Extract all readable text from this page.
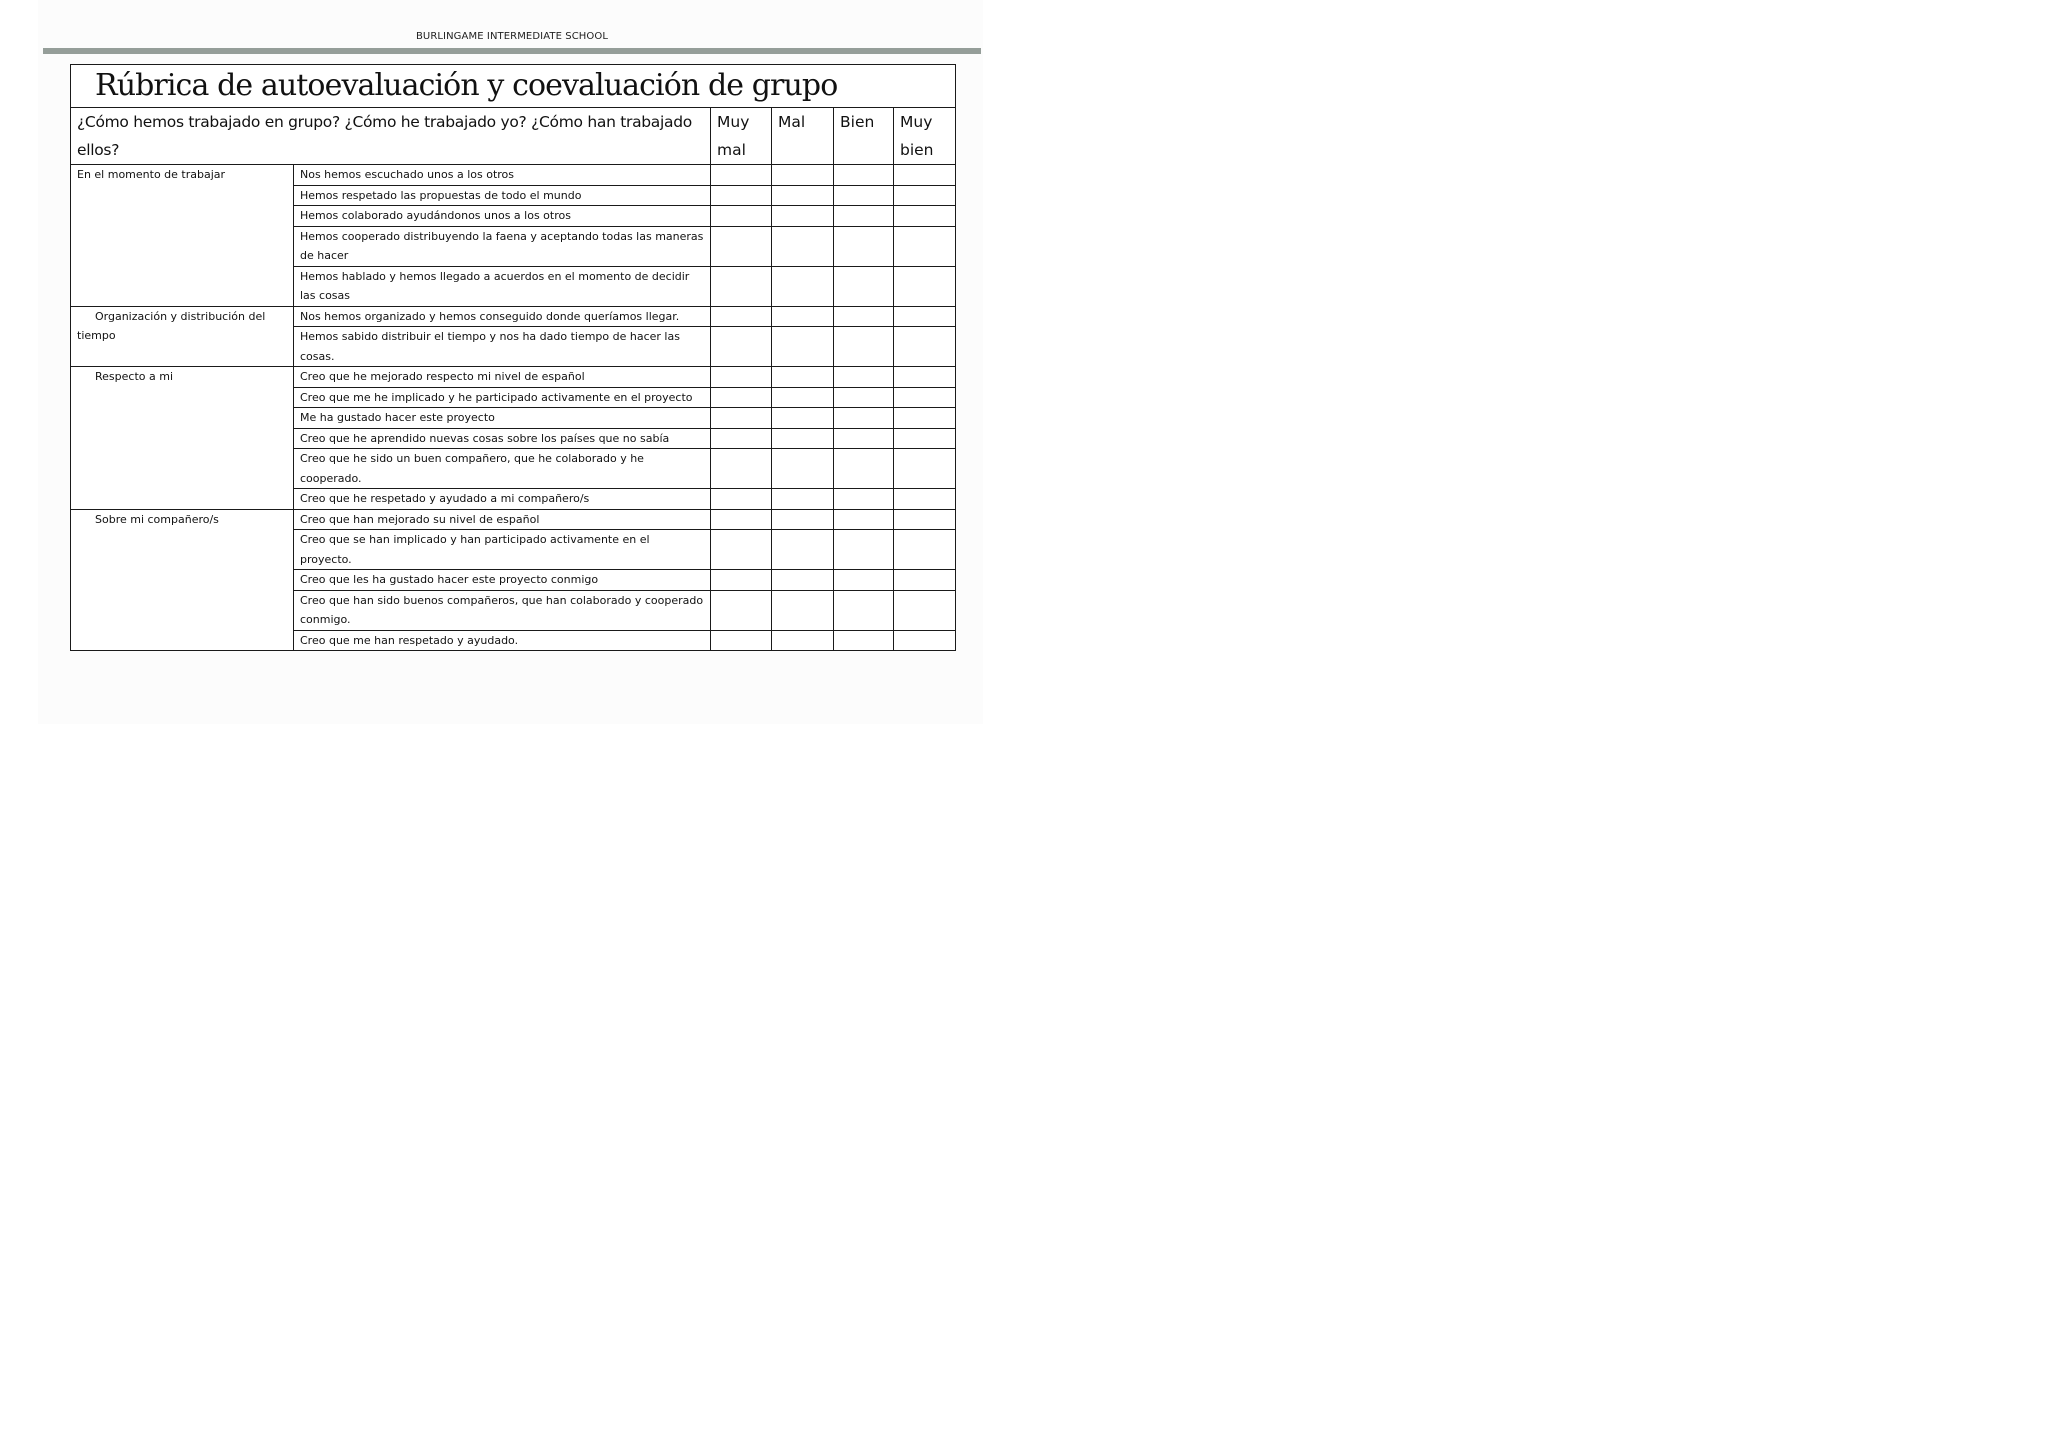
BURLINGAME INTERMEDIATE SCHOOL
Rúbrica de autoevaluación y coevaluación de grupo					
¿Cómo hemos trabajado en grupo? ¿Cómo he trabajado yo? ¿Cómo han trabajado ellos?		Muy mal	Mal	Bien	Muy bien

En el momento de trabajar	Nos hemos escuchado unos a los otros				
	Hemos respetado las propuestas de todo el mundo				
	Hemos colaborado ayudándonos unos a los otros				
	Hemos cooperado distribuyendo la faena y aceptando todas las maneras de hacer				
	Hemos hablado y hemos llegado a acuerdos en el momento de decidir las cosas				

Organización y distribución del tiempo	Nos hemos organizado y hemos conseguido donde queríamos llegar.				
	Hemos sabido distribuir el tiempo y nos ha dado tiempo de hacer las cosas.				

Respecto a mi	Creo que he mejorado respecto mi nivel de español				
	Creo que me he implicado y he participado activamente en el proyecto				
	Me ha gustado hacer este proyecto				
	Creo que he aprendido nuevas cosas sobre los países que no sabía				
	Creo que he sido un buen compañero, que he colaborado y he cooperado.				
	Creo que he respetado y ayudado a mi compañero/s				

Sobre mi compañero/s	Creo que han mejorado su nivel de español				
	Creo que se han implicado y han participado activamente en el proyecto.				
	Creo que les ha gustado hacer este proyecto conmigo				
	Creo que han sido buenos compañeros, que han colaborado y cooperado conmigo.				
	Creo que me han respetado y ayudado.				
